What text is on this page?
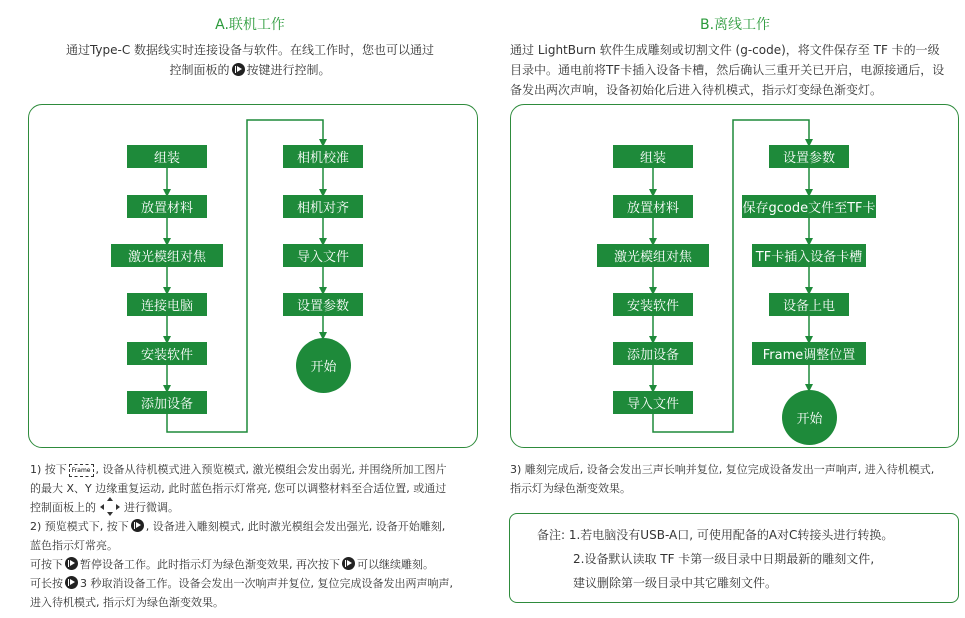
A.联机工作
通过Type-C 数据线实时连接设备与软件。在线工作时，您也可以通过
控制面板的 按键进行控制。
B.离线工作
通过 LightBurn 软件生成雕刻或切割文件 (g-code)，将文件保存至 TF 卡的一级
目录中。通电前将TF卡插入设备卡槽，然后确认三重开关已开启，电源接通后，设
备发出两次声响，设备初始化后进入待机模式，指示灯变绿色渐变灯。
组装
放置材料
激光模组对焦
连接电脑
安装软件
添加设备
相机校准
相机对齐
导入文件
设置参数
开始
组装
放置材料
激光模组对焦
安装软件
添加设备
导入文件
设置参数
保存gcode文件至TF卡
TF卡插入设备卡槽
设备上电
Frame调整位置
开始
1) 按下 Frame , 设备从待机模式进入预览模式, 激光模组会发出弱光, 并围绕所加工图片
的最大 X、Y 边缘重复运动, 此时蓝色指示灯常亮, 您可以调整材料至合适位置, 或通过
控制面板上的	进行微调。
2) 预览模式下, 按下 , 设备进入雕刻模式, 此时激光模组会发出强光, 设备开始雕刻,
蓝色指示灯常亮。
可按下 暂停设备工作。此时指示灯为绿色渐变效果, 再次按下 可以继续雕刻。
可长按 3 秒取消设备工作。设备会发出一次响声并复位, 复位完成设备发出两声响声,
进入待机模式, 指示灯为绿色渐变效果。
3) 雕刻完成后, 设备会发出三声长响并复位, 复位完成设备发出一声响声, 进入待机模式,
指示灯为绿色渐变效果。
备注: 1.若电脑没有USB-A口, 可使用配备的A对C转接头进行转换。
2.设备默认读取 TF 卡第一级目录中日期最新的雕刻文件,
建议删除第一级目录中其它雕刻文件。
